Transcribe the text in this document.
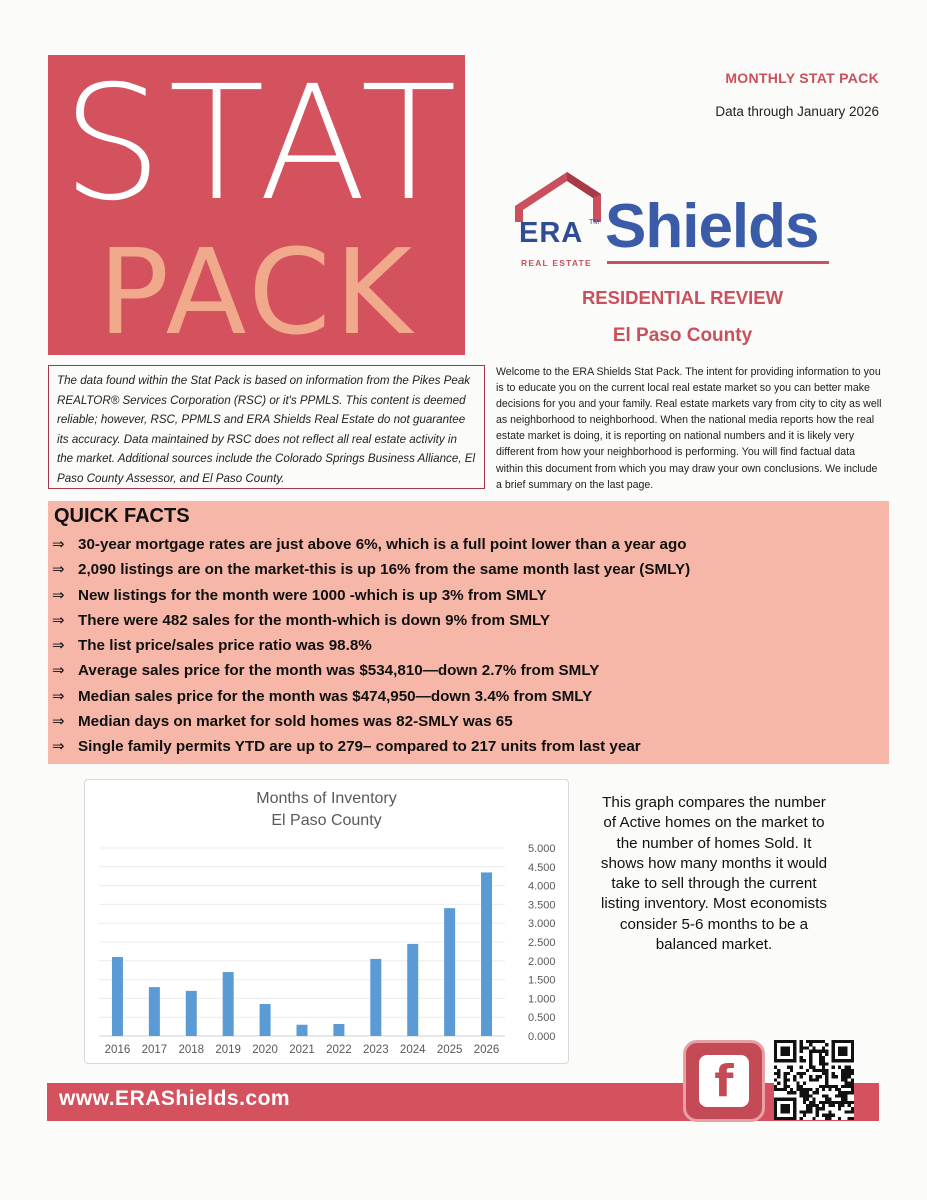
STAT
PACK
MONTHLY STAT PACK
Data through January 2026
ERA TM
REAL ESTATE
Shields
RESIDENTIAL REVIEW
El Paso County
The data found within the Stat Pack is based on information from the Pikes Peak REALTOR® Services Corporation (RSC) or it's PPMLS. This content is deemed reliable; however, RSC, PPMLS and ERA Shields Real Estate do not guarantee its accuracy. Data maintained by RSC does not reflect all real estate activity in the market. Additional sources include the Colorado Springs Business Alliance, El Paso County Assessor, and El Paso County.
Welcome to the ERA Shields Stat Pack. The intent for providing information to you is to educate you on the current local real estate market so you can better make decisions for you and your family. Real estate markets vary from city to city as well as neighborhood to neighborhood. When the national media reports how the real estate market is doing, it is reporting on national numbers and it is likely very different from how your neighborhood is performing. You will find factual data within this document from which you may draw your own conclusions. We include a brief summary on the last page.
QUICK FACTS
⇒ 30-year mortgage rates are just above 6%, which is a full point lower than a year ago
⇒ 2,090 listings are on the market-this is up 16% from the same month last year (SMLY)
⇒ New listings for the month were 1000 -which is up 3% from SMLY
⇒ There were 482 sales for the month-which is down 9% from SMLY
⇒ The list price/sales price ratio was 98.8%
⇒ Average sales price for the month was $534,810—down 2.7% from SMLY
⇒ Median sales price for the month was $474,950—down 3.4% from SMLY
⇒ Median days on market for sold homes was 82-SMLY was 65
⇒ Single family permits YTD are up to 279– compared to 217 units from last year
Months of Inventory
El Paso County
0.000
0.500
1.000
1.500
2.000
2.500
3.000
3.500
4.000
4.500
5.000
2016 2017 2018 2019 2020 2021 2022 2023 2024 2025 2026
This graph compares the number of Active homes on the market to the number of homes Sold. It shows how many months it would take to sell through the current listing inventory. Most economists consider 5-6 months to be a balanced market.
www.ERAShields.com	f
